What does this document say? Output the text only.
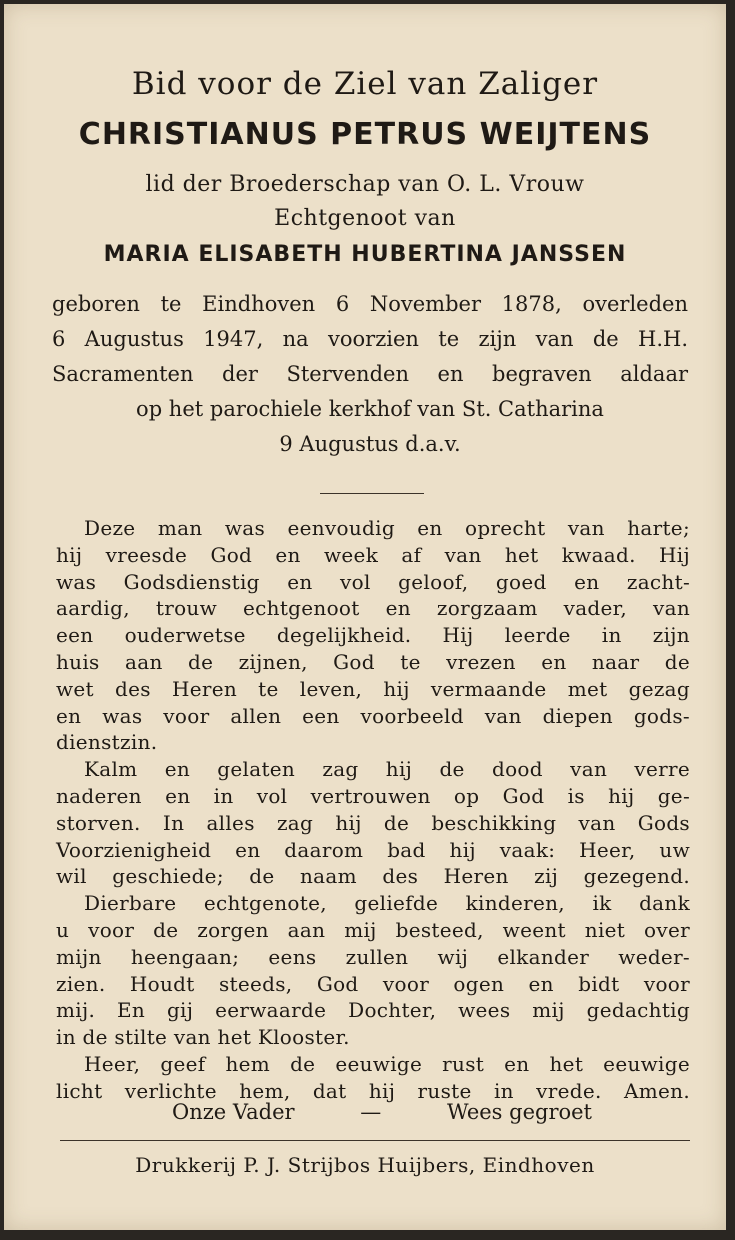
Bid voor de Ziel van Zaliger
CHRISTIANUS PETRUS WEIJTENS
lid der Broederschap van O. L. Vrouw
Echtgenoot van
MARIA ELISABETH HUBERTINA JANSSEN
geboren te Eindhoven 6 November 1878, overleden
6 Augustus 1947, na voorzien te zijn van de H.H.
Sacramenten der Stervenden en begraven aldaar
op het parochiele kerkhof van St. Catharina
9 Augustus d.a.v.
Deze man was eenvoudig en oprecht van harte;
hij vreesde God en week af van het kwaad. Hij
was Godsdienstig en vol geloof, goed en zacht-
aardig, trouw echtgenoot en zorgzaam vader, van
een ouderwetse degelijkheid. Hij leerde in zijn
huis aan de zijnen, God te vrezen en naar de
wet des Heren te leven, hij vermaande met gezag
en was voor allen een voorbeeld van diepen gods-
dienstzin.
Kalm en gelaten zag hij de dood van verre
naderen en in vol vertrouwen op God is hij ge-
storven. In alles zag hij de beschikking van Gods
Voorzienigheid en daarom bad hij vaak: Heer, uw
wil geschiede; de naam des Heren zij gezegend.
Dierbare echtgenote, geliefde kinderen, ik dank
u voor de zorgen aan mij besteed, weent niet over
mijn heengaan; eens zullen wij elkander weder-
zien. Houdt steeds, God voor ogen en bidt voor
mij. En gij eerwaarde Dochter, wees mij gedachtig
in de stilte van het Klooster.
Heer, geef hem de eeuwige rust en het eeuwige
licht verlichte hem, dat hij ruste in vrede. Amen.
Onze Vader	—	Wees gegroet
Drukkerij P. J. Strijbos Huijbers, Eindhoven
